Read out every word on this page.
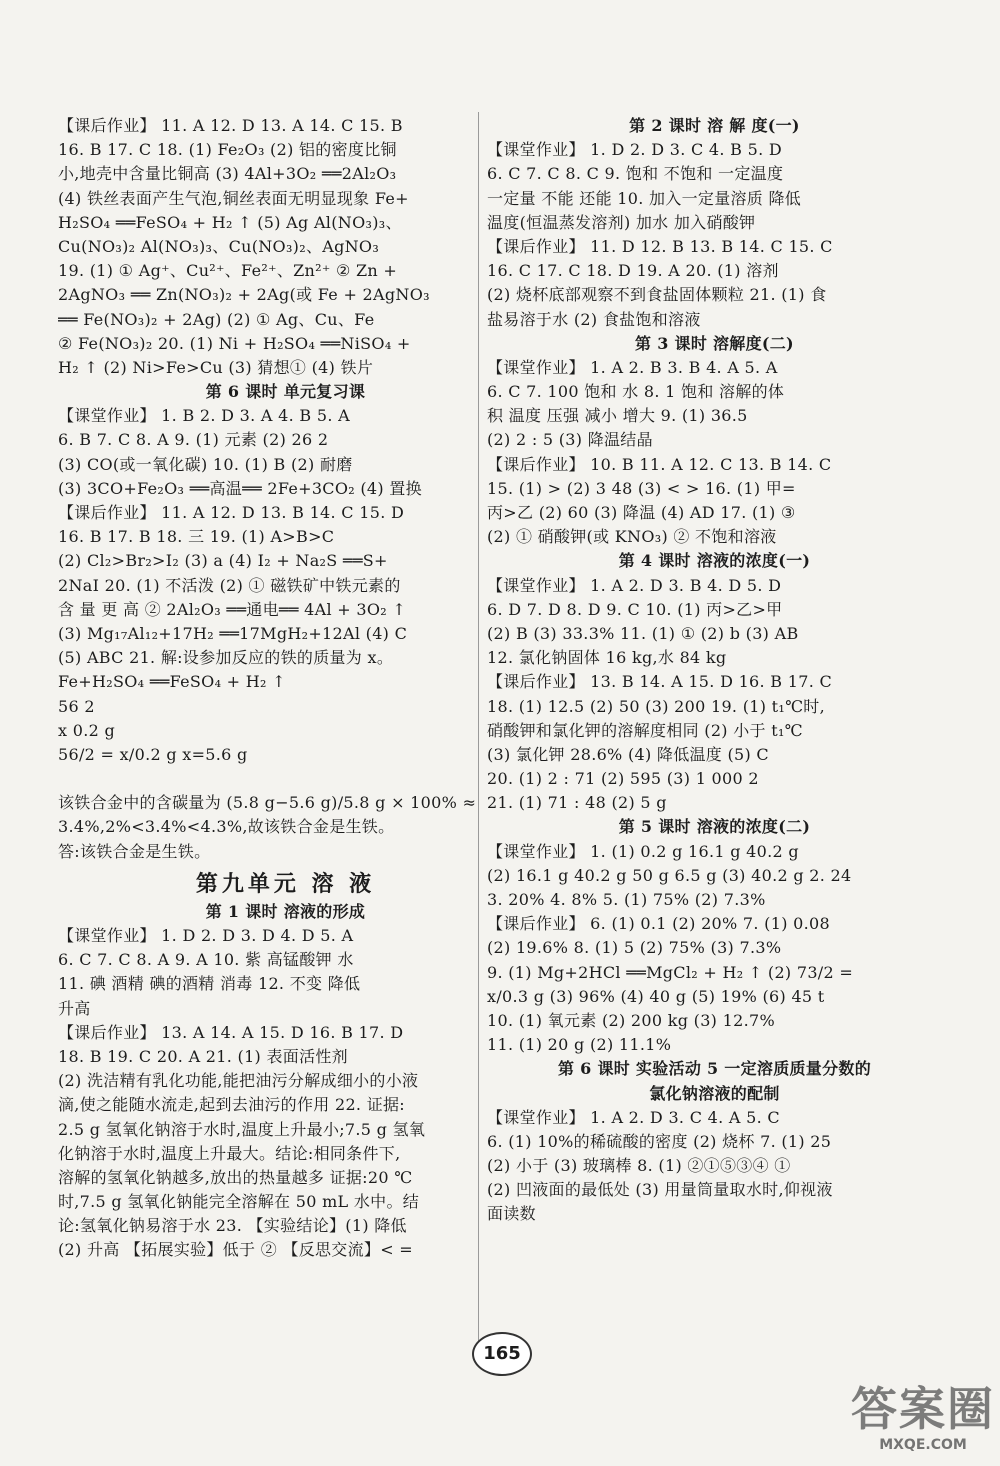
【课后作业】 11. A 12. D 13. A 14. C 15. B
16. B 17. C 18. (1) Fe₂O₃ (2) 铝的密度比铜
小,地壳中含量比铜高 (3) 4Al+3O₂ ══2Al₂O₃
(4) 铁丝表面产生气泡,铜丝表面无明显现象 Fe+
H₂SO₄ ══FeSO₄ + H₂ ↑ (5) Ag Al(NO₃)₃、
Cu(NO₃)₂ Al(NO₃)₃、Cu(NO₃)₂、AgNO₃
19. (1) ① Ag⁺、Cu²⁺、Fe²⁺、Zn²⁺ ② Zn +
2AgNO₃ ══ Zn(NO₃)₂ + 2Ag(或 Fe + 2AgNO₃
══ Fe(NO₃)₂ + 2Ag) (2) ① Ag、Cu、Fe
② Fe(NO₃)₂ 20. (1) Ni + H₂SO₄ ══NiSO₄ +
H₂ ↑ (2) Ni>Fe>Cu (3) 猜想① (4) 铁片
第 6 课时 单元复习课
【课堂作业】 1. B 2. D 3. A 4. B 5. A
6. B 7. C 8. A 9. (1) 元素 (2) 26 2
(3) CO(或一氧化碳) 10. (1) B (2) 耐磨
(3) 3CO+Fe₂O₃ ══高温══ 2Fe+3CO₂ (4) 置换
【课后作业】 11. A 12. D 13. B 14. C 15. D
16. B 17. B 18. 三 19. (1) A>B>C
(2) Cl₂>Br₂>I₂ (3) a (4) I₂ + Na₂S ══S+
2NaI 20. (1) 不活泼 (2) ① 磁铁矿中铁元素的
含 量 更 高 ② 2Al₂O₃ ══通电══ 4Al + 3O₂ ↑
(3) Mg₁₇Al₁₂+17H₂ ══17MgH₂+12Al (4) C
(5) ABC 21. 解:设参加反应的铁的质量为 x。
Fe+H₂SO₄ ══FeSO₄ + H₂ ↑
56 2
x 0.2 g
56/2 = x/0.2 g x=5.6 g
该铁合金中的含碳量为 (5.8 g−5.6 g)/5.8 g × 100% ≈
3.4%,2%<3.4%<4.3%,故该铁合金是生铁。
答:该铁合金是生铁。
第九单元 溶 液
第 1 课时 溶液的形成
【课堂作业】 1. D 2. D 3. D 4. D 5. A
6. C 7. C 8. A 9. A 10. 紫 高锰酸钾 水
11. 碘 酒精 碘的酒精 消毒 12. 不变 降低
升高
【课后作业】 13. A 14. A 15. D 16. B 17. D
18. B 19. C 20. A 21. (1) 表面活性剂
(2) 洗洁精有乳化功能,能把油污分解成细小的小液
滴,使之能随水流走,起到去油污的作用 22. 证据:
2.5 g 氢氧化钠溶于水时,温度上升最小;7.5 g 氢氧
化钠溶于水时,温度上升最大。结论:相同条件下,
溶解的氢氧化钠越多,放出的热量越多 证据:20 ℃
时,7.5 g 氢氧化钠能完全溶解在 50 mL 水中。结
论:氢氧化钠易溶于水 23. 【实验结论】(1) 降低
(2) 升高 【拓展实验】低于 ② 【反思交流】< =
第 2 课时 溶 解 度(一)
【课堂作业】 1. D 2. D 3. C 4. B 5. D
6. C 7. C 8. C 9. 饱和 不饱和 一定温度
一定量 不能 还能 10. 加入一定量溶质 降低
温度(恒温蒸发溶剂) 加水 加入硝酸钾
【课后作业】 11. D 12. B 13. B 14. C 15. C
16. C 17. C 18. D 19. A 20. (1) 溶剂
(2) 烧杯底部观察不到食盐固体颗粒 21. (1) 食
盐易溶于水 (2) 食盐饱和溶液
第 3 课时 溶解度(二)
【课堂作业】 1. A 2. B 3. B 4. A 5. A
6. C 7. 100 饱和 水 8. 1 饱和 溶解的体
积 温度 压强 减小 增大 9. (1) 36.5
(2) 2 : 5 (3) 降温结晶
【课后作业】 10. B 11. A 12. C 13. B 14. C
15. (1) > (2) 3 48 (3) < > 16. (1) 甲=
丙>乙 (2) 60 (3) 降温 (4) AD 17. (1) ③
(2) ① 硝酸钾(或 KNO₃) ② 不饱和溶液
第 4 课时 溶液的浓度(一)
【课堂作业】 1. A 2. D 3. B 4. D 5. D
6. D 7. D 8. D 9. C 10. (1) 丙>乙>甲
(2) B (3) 33.3% 11. (1) ① (2) b (3) AB
12. 氯化钠固体 16 kg,水 84 kg
【课后作业】 13. B 14. A 15. D 16. B 17. C
18. (1) 12.5 (2) 50 (3) 200 19. (1) t₁℃时,
硝酸钾和氯化钾的溶解度相同 (2) 小于 t₁℃
(3) 氯化钾 28.6% (4) 降低温度 (5) C
20. (1) 2 : 71 (2) 595 (3) 1 000 2
21. (1) 71 : 48 (2) 5 g
第 5 课时 溶液的浓度(二)
【课堂作业】 1. (1) 0.2 g 16.1 g 40.2 g
(2) 16.1 g 40.2 g 50 g 6.5 g (3) 40.2 g 2. 24
3. 20% 4. 8% 5. (1) 75% (2) 7.3%
【课后作业】 6. (1) 0.1 (2) 20% 7. (1) 0.08
(2) 19.6% 8. (1) 5 (2) 75% (3) 7.3%
9. (1) Mg+2HCl ══MgCl₂ + H₂ ↑ (2) 73/2 =
x/0.3 g (3) 96% (4) 40 g (5) 19% (6) 45 t
10. (1) 氧元素 (2) 200 kg (3) 12.7%
11. (1) 20 g (2) 11.1%
第 6 课时 实验活动 5 一定溶质质量分数的
氯化钠溶液的配制
【课堂作业】 1. A 2. D 3. C 4. A 5. C
6. (1) 10%的稀硫酸的密度 (2) 烧杯 7. (1) 25
(2) 小于 (3) 玻璃棒 8. (1) ②①⑤③④ ①
(2) 凹液面的最低处 (3) 用量筒量取水时,仰视液
面读数
165
答案圈
MXQE.COM
